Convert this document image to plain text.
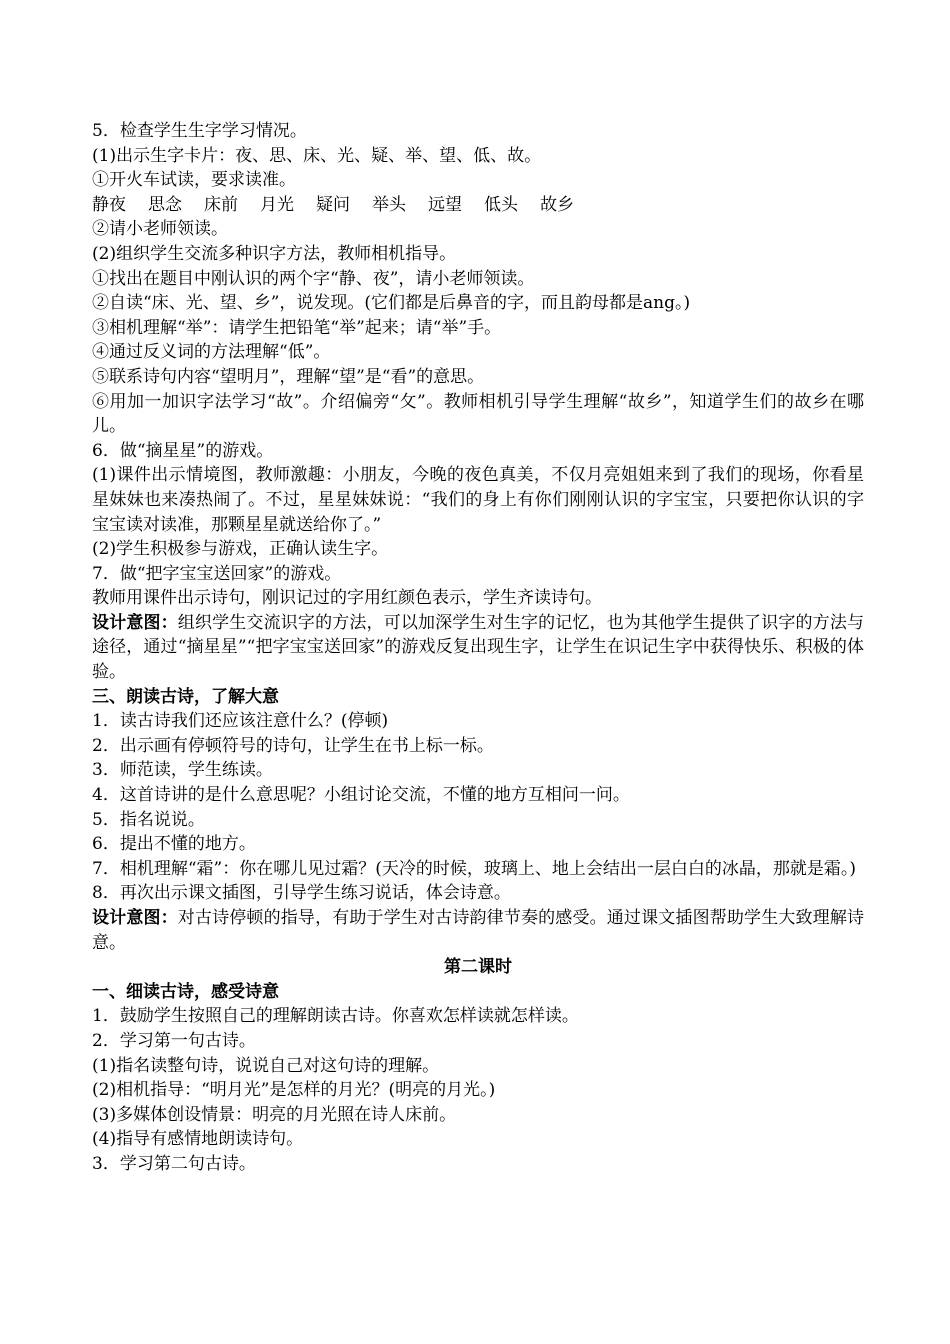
5．检查学生生字学习情况。
(1)出示生字卡片：夜、思、床、光、疑、举、望、低、故。
①开火车试读，要求读准。
静夜 思念 床前 月光 疑问 举头 远望 低头 故乡
②请小老师领读。
(2)组织学生交流多种识字方法，教师相机指导。
①找出在题目中刚认识的两个字“静、夜”，请小老师领读。
②自读“床、光、望、乡”，说发现。(它们都是后鼻音的字，而且韵母都是ang。)
③相机理解“举”：请学生把铅笔“举”起来；请“举”手。
④通过反义词的方法理解“低”。
⑤联系诗句内容“望明月”，理解“望”是“看”的意思。
⑥用加一加识字法学习“故”。介绍偏旁“攵”。教师相机引导学生理解“故乡”，知道学生们的故乡在哪儿。
6．做“摘星星”的游戏。
(1)课件出示情境图，教师激趣：小朋友，今晚的夜色真美，不仅月亮姐姐来到了我们的现场，你看星星妹妹也来凑热闹了。不过，星星妹妹说：“我们的身上有你们刚刚认识的字宝宝，只要把你认识的字宝宝读对读准，那颗星星就送给你了。”
(2)学生积极参与游戏，正确认读生字。
7．做“把字宝宝送回家”的游戏。
教师用课件出示诗句，刚识记过的字用红颜色表示，学生齐读诗句。
设计意图：组织学生交流识字的方法，可以加深学生对生字的记忆，也为其他学生提供了识字的方法与途径，通过“摘星星”“把字宝宝送回家”的游戏反复出现生字，让学生在识记生字中获得快乐、积极的体验。
三、朗读古诗，了解大意
1．读古诗我们还应该注意什么？(停顿)
2．出示画有停顿符号的诗句，让学生在书上标一标。
3．师范读，学生练读。
4．这首诗讲的是什么意思呢？小组讨论交流，不懂的地方互相问一问。
5．指名说说。
6．提出不懂的地方。
7．相机理解“霜”：你在哪儿见过霜？(天冷的时候，玻璃上、地上会结出一层白白的冰晶，那就是霜。)
8．再次出示课文插图，引导学生练习说话，体会诗意。
设计意图：对古诗停顿的指导，有助于学生对古诗韵律节奏的感受。通过课文插图帮助学生大致理解诗意。
第二课时
一、细读古诗，感受诗意
1．鼓励学生按照自己的理解朗读古诗。你喜欢怎样读就怎样读。
2．学习第一句古诗。
(1)指名读整句诗，说说自己对这句诗的理解。
(2)相机指导：“明月光”是怎样的月光？(明亮的月光。)
(3)多媒体创设情景：明亮的月光照在诗人床前。
(4)指导有感情地朗读诗句。
3．学习第二句古诗。
